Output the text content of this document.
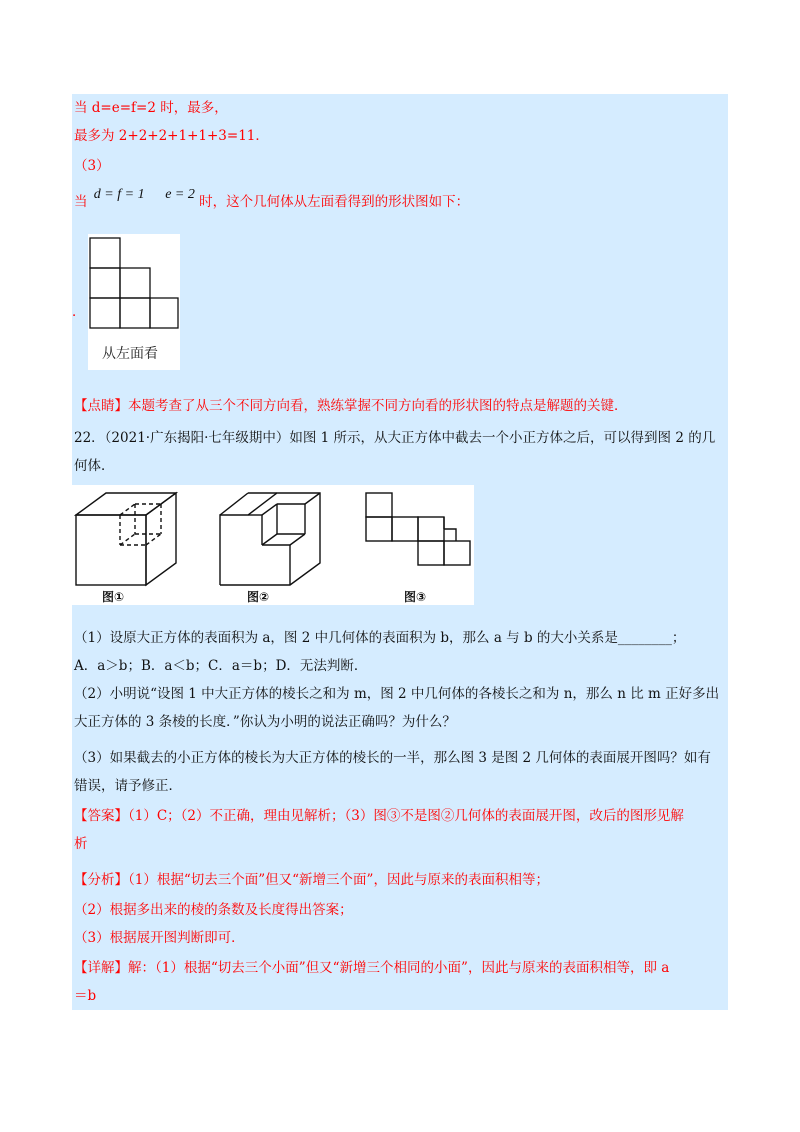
当 d=e=f=2 时，最多，
最多为 2+2+2+1+1+3=11．
（3）
当 d = f = 1 e = 2 时，这个几何体从左面看得到的形状图如下：
．
从左面看
【点睛】本题考查了从三个不同方向看，熟练掌握不同方向看的形状图的特点是解题的关键．
22．（2021·广东揭阳·七年级期中）如图 1 所示，从大正方体中截去一个小正方体之后，可以得到图 2 的几
何体．
图①	图②	图③
（1）设原大正方体的表面积为 a，图 2 中几何体的表面积为 b，那么 a 与 b 的大小关系是________；
A．a＞b；B．a＜b；C．a＝b；D．无法判断．
（2）小明说“设图 1 中大正方体的棱长之和为 m，图 2 中几何体的各棱长之和为 n，那么 n 比 m 正好多出
大正方体的 3 条棱的长度．”你认为小明的说法正确吗？为什么？
（3）如果截去的小正方体的棱长为大正方体的棱长的一半，那么图 3 是图 2 几何体的表面展开图吗？如有
错误，请予修正．
【答案】（1）C；（2）不正确，理由见解析；（3）图③不是图②几何体的表面展开图，改后的图形见解
析
【分析】（1）根据“切去三个面”但又“新增三个面”，因此与原来的表面积相等；
（2）根据多出来的棱的条数及长度得出答案；
（3）根据展开图判断即可．
【详解】解：（1）根据“切去三个小面”但又“新增三个相同的小面”，因此与原来的表面积相等，即 a
＝b
